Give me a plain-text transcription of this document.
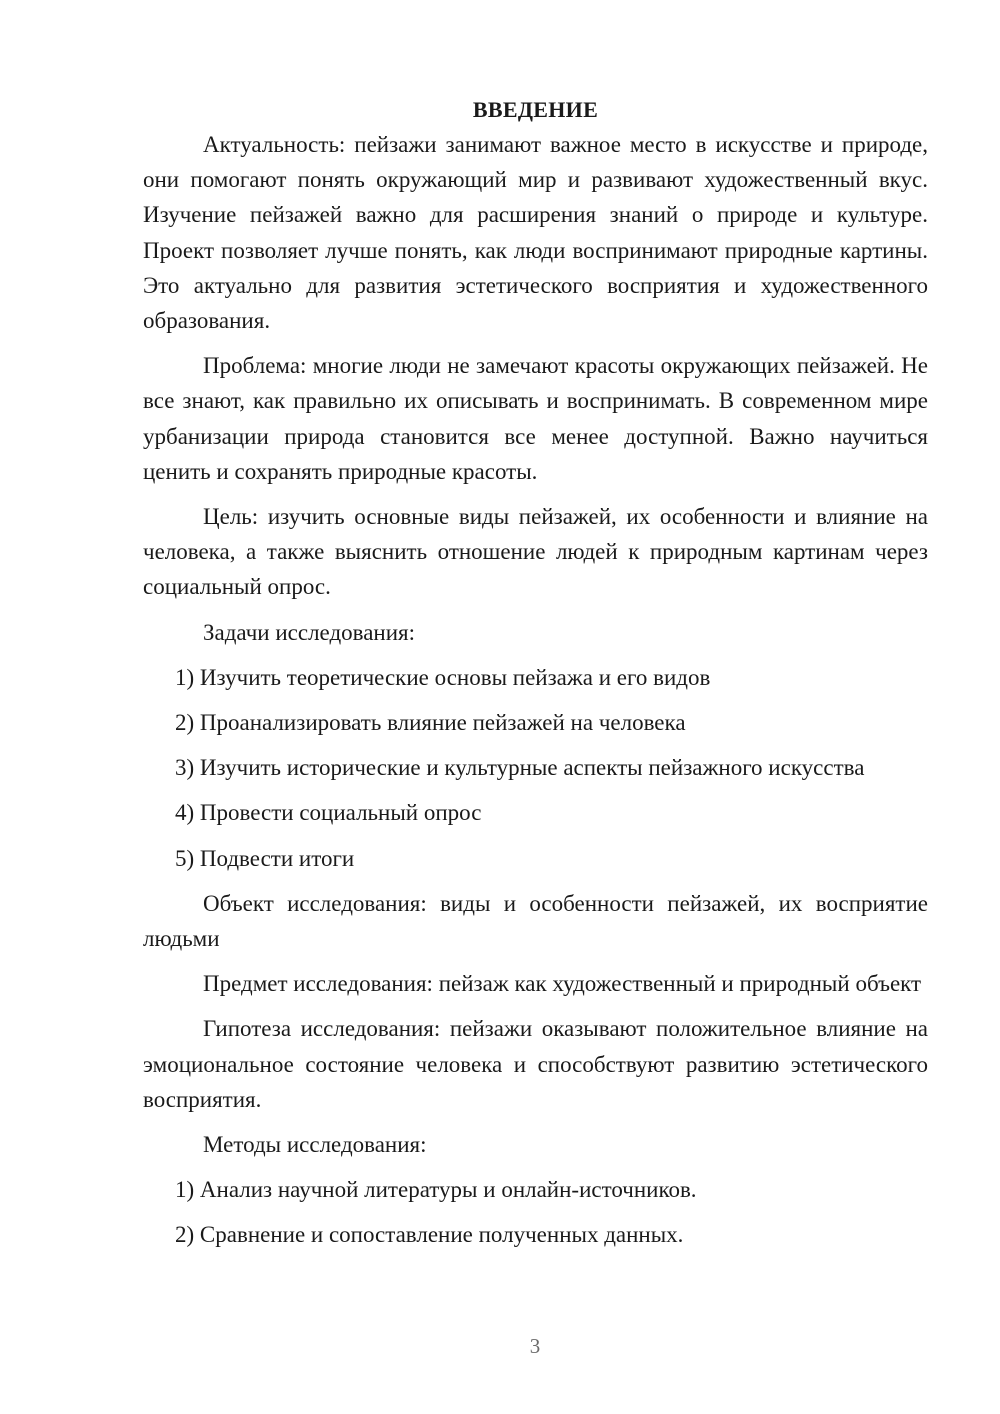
ВВЕДЕНИЕ

Актуальность: пейзажи занимают важное место в искусстве и природе, они помогают понять окружающий мир и развивают художественный вкус. Изучение пейзажей важно для расширения знаний о природе и культуре. Проект позволяет лучше понять, как люди воспринимают природные картины. Это актуально для развития эстетического восприятия и художественного образования.

Проблема: многие люди не замечают красоты окружающих пейзажей. Не все знают, как правильно их описывать и воспринимать. В современном мире урбанизации природа становится все менее доступной. Важно научиться ценить и сохранять природные красоты.

Цель: изучить основные виды пейзажей, их особенности и влияние на человека, а также выяснить отношение людей к природным картинам через социальный опрос.

Задачи исследования:

1) Изучить теоретические основы пейзажа и его видов

2) Проанализировать влияние пейзажей на человека

3) Изучить исторические и культурные аспекты пейзажного искусства

4) Провести социальный опрос

5) Подвести итоги

Объект исследования: виды и особенности пейзажей, их восприятие людьми

Предмет исследования: пейзаж как художественный и природный объект

Гипотеза исследования: пейзажи оказывают положительное влияние на эмоциональное состояние человека и способствуют развитию эстетического восприятия.

Методы исследования:

1) Анализ научной литературы и онлайн-источников.

2) Сравнение и сопоставление полученных данных.

3
